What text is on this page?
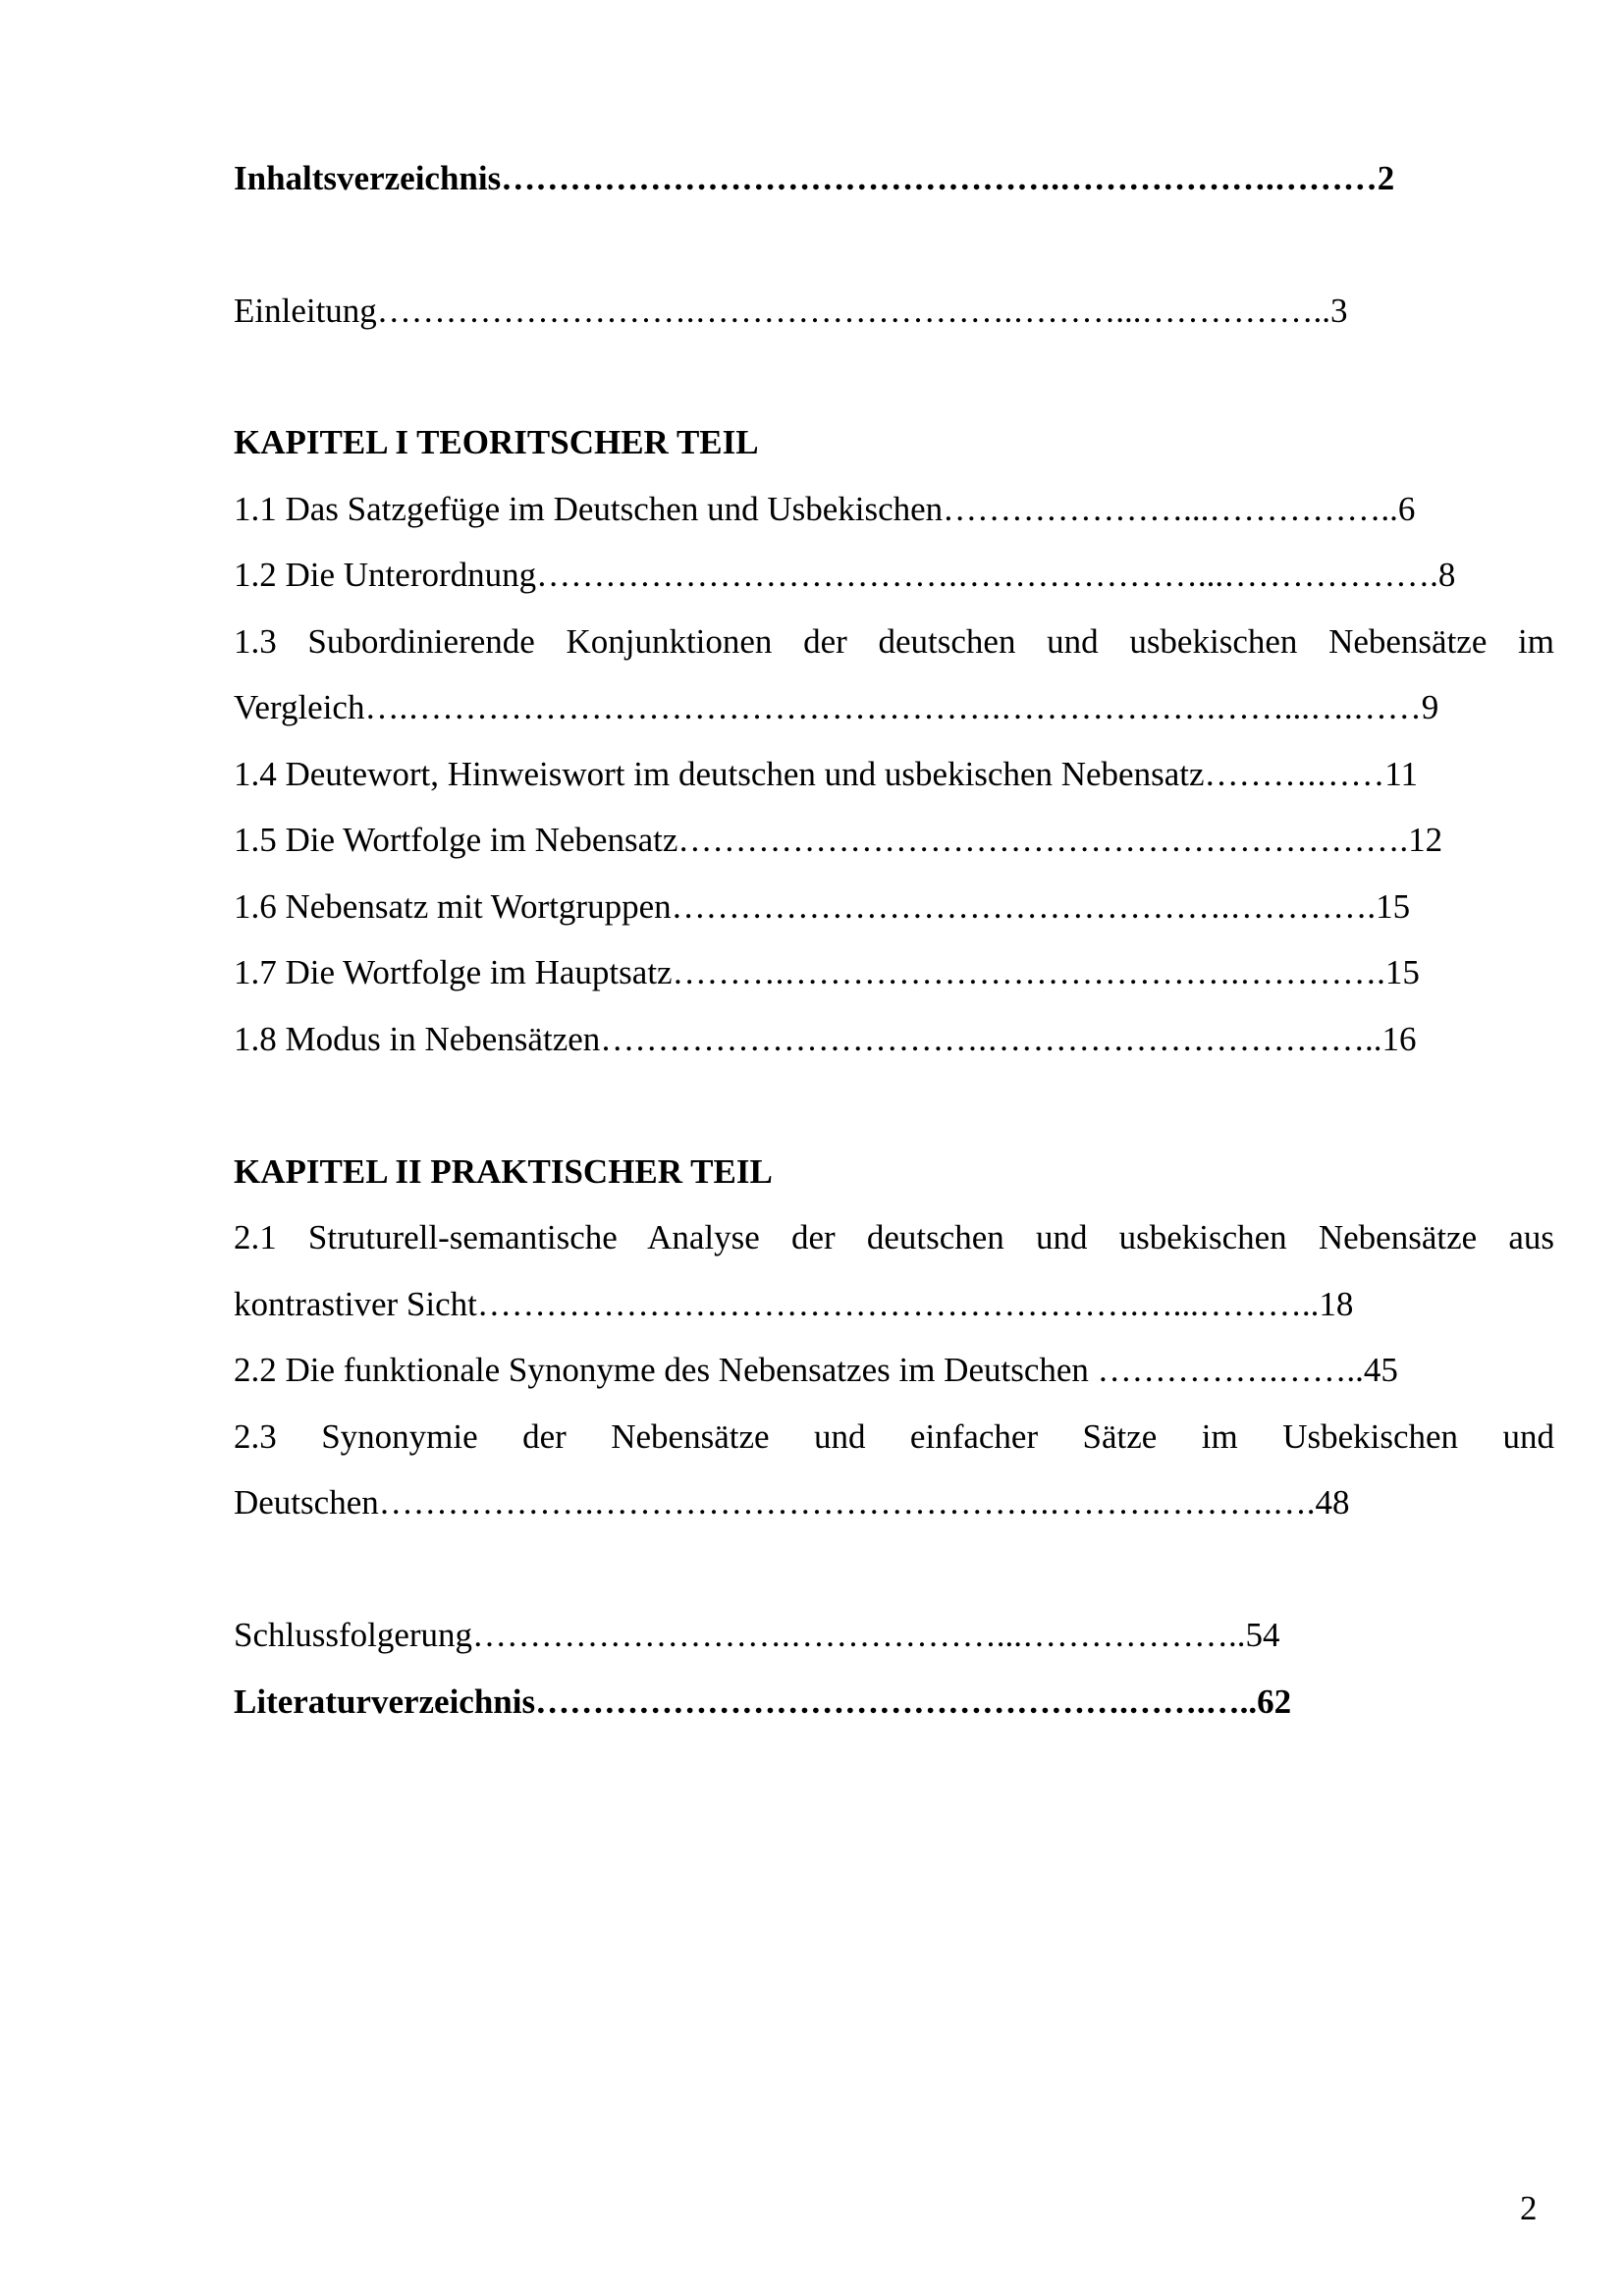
Inhaltsverzeichnis………………………………………….……………….………2
Einleitung……………………….……………………….………...……………..3
KAPITEL I TEORITSCHER TEIL
1.1 Das Satzgefüge im Deutschen und Usbekischen…………………...……………..6
1.2 Die Unterordnung……………………………….…………………...……………….8
1.3 Subordinierende Konjunktionen der deutschen und usbekischen Nebensätze im
Vergleich….…………………………………………….……………….……...….……9
1.4 Deutewort, Hinweiswort im deutschen und usbekischen Nebensatz……….……11
1.5 Die Wortfolge im Nebensatz……………………………………………………….12
1.6 Nebensatz mit Wortgruppen………………………………………….………….15
1.7 Die Wortfolge im Hauptsatz……….………………………………….………….15
1.8 Modus in Nebensätzen…………………………….……………………………..16
KAPITEL II PRAKTISCHER TEIL
2.1 Struturell-semantische Analyse der deutschen und usbekischen Nebensätze aus
kontrastiver Sicht………………………………………………….…...………..18
2.2 Die funktionale Synonyme des Nebensatzes im Deutschen …………….……..45
2.3 Synonymie der Nebensätze und einfacher Sätze im Usbekischen und
Deutschen……………….………………………………….……….……….….48
Schlussfolgerung……………………….………………...………………..54
Literaturverzeichnis…………………………………………….…….…..62
2
